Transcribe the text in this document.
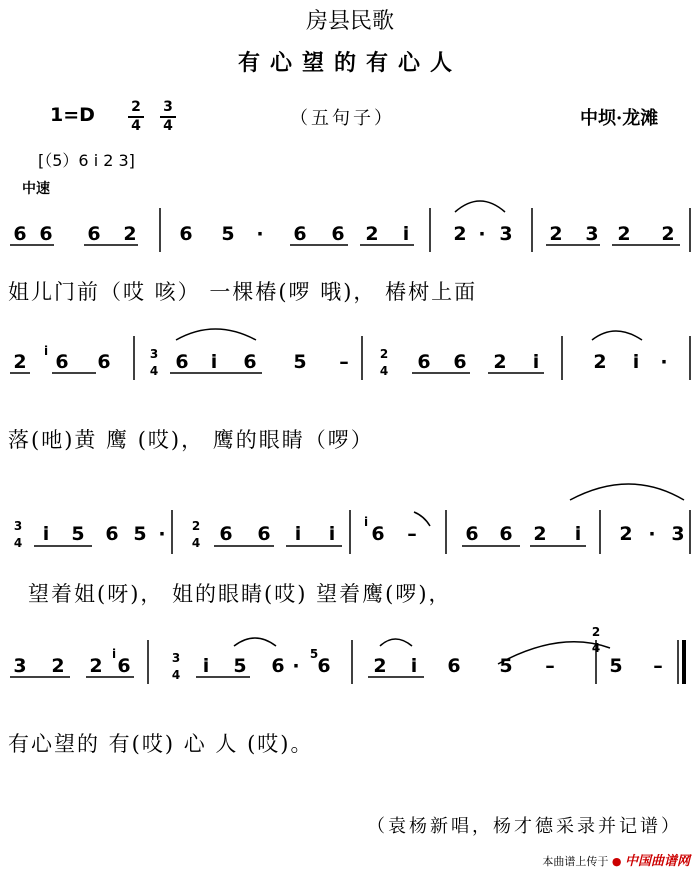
房县民歌
有心望的有心人
1=D	2
4
3
4	（五句子）	中坝·龙滩
[（5）6 i 2 3]
中速
6 6 6 2 6 5 · 6 6 2 i 2 · 3 2 3 2 2
2 i 6 6	3
4 6 i 6 5 –	2
4 6 6 2 i	2 i ·
3
4 i 5 6 5 · 2
4 6 6 i i
i
6 –	6 6 2 i 2 · 3
3 2 2
i
6	3
4 i 5 6 ·
5
6 2 i 6 5 –
2
4
5 –
姐儿门前（哎 咳） 一棵椿(啰 哦)， 椿树上面
落(吔)黄 鹰 (哎)， 鹰的眼睛（啰）
望着姐(呀)， 姐的眼睛(哎) 望着鹰(啰)，
有心望的 有(哎) 心 人 (哎)。
（袁杨新唱，杨才德采录并记谱）
本曲谱上传于 ● 中国曲谱网
